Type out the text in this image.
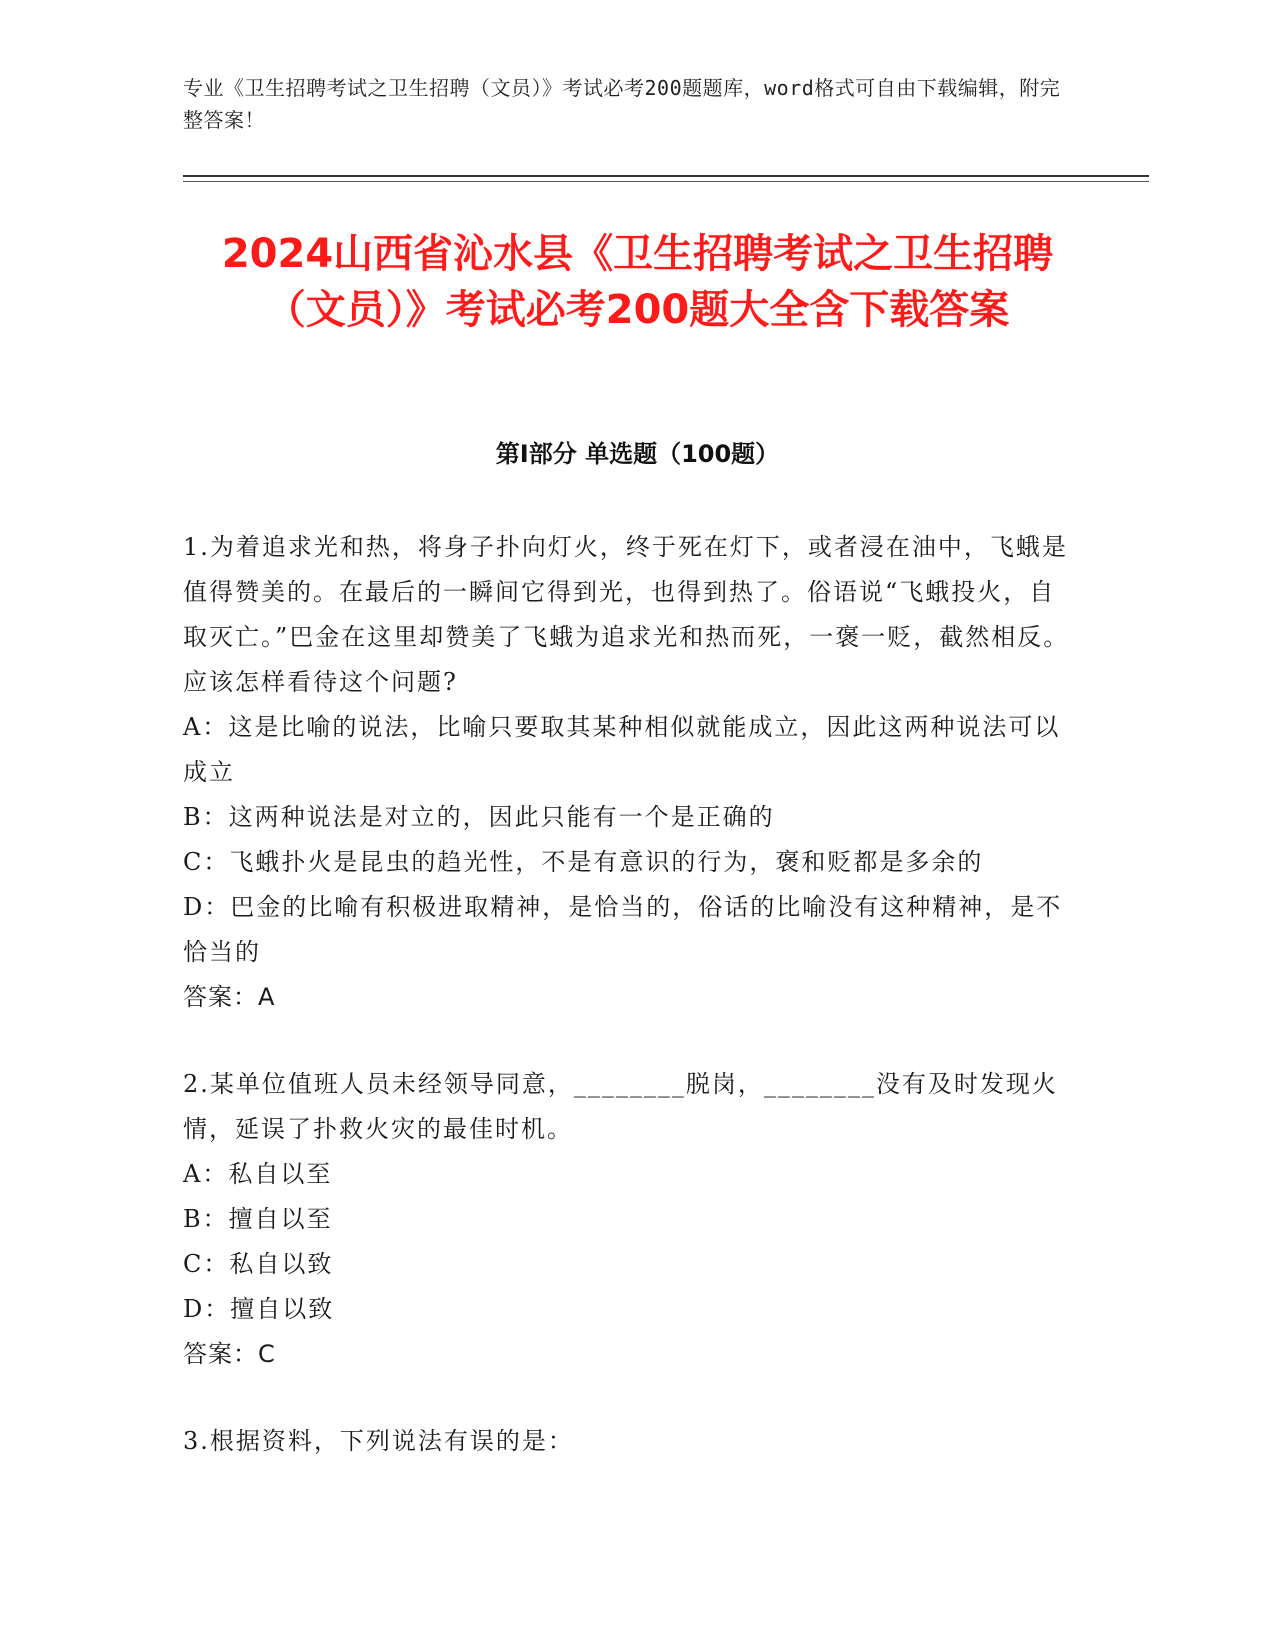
专业《卫生招聘考试之卫生招聘（文员）》考试必考200题题库，word格式可自由下载编辑，附完整答案！
2024山西省沁水县《卫生招聘考试之卫生招聘（文员）》考试必考200题大全含下载答案
第Ⅰ部分 单选题（100题）

1.为着追求光和热，将身子扑向灯火，终于死在灯下，或者浸在油中，飞蛾是值得赞美的。在最后的一瞬间它得到光，也得到热了。俗语说“飞蛾投火，自取灭亡。”巴金在这里却赞美了飞蛾为追求光和热而死，一褒一贬，截然相反。应该怎样看待这个问题?

A：这是比喻的说法，比喻只要取其某种相似就能成立，因此这两种说法可以成立

B：这两种说法是对立的，因此只能有一个是正确的

C：飞蛾扑火是昆虫的趋光性，不是有意识的行为，褒和贬都是多余的

D：巴金的比喻有积极进取精神，是恰当的，俗话的比喻没有这种精神，是不恰当的

答案：A

2.某单位值班人员未经领导同意，________脱岗，________没有及时发现火情，延误了扑救火灾的最佳时机。

A：私自以至

B：擅自以至

C：私自以致

D：擅自以致

答案：C

3.根据资料，下列说法有误的是：
